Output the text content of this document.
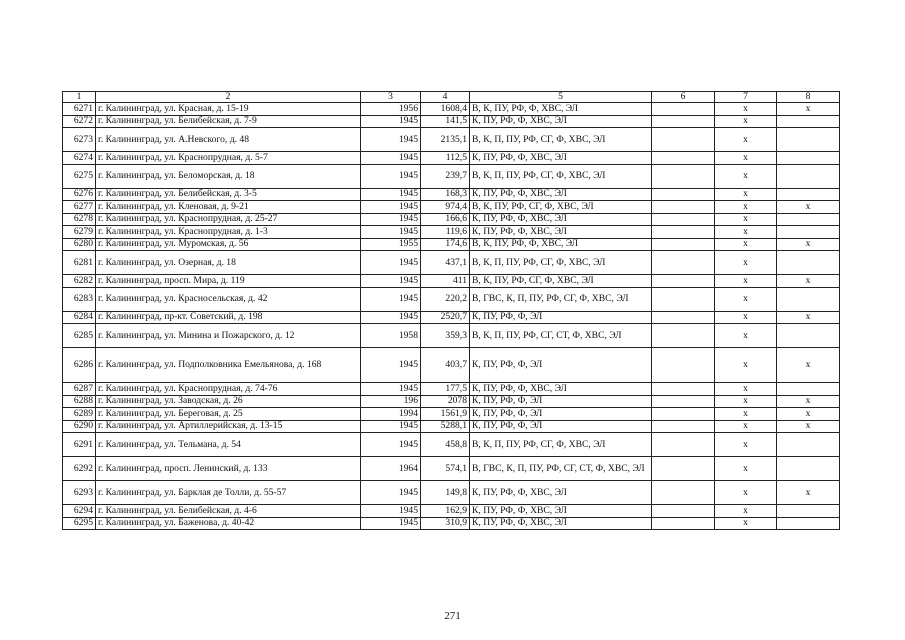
1	2	3	4	5	6	7	8
6271	г. Калининград, ул. Красная, д. 15-19	1956	1608,4	В, К, ПУ, РФ, Ф, ХВС, ЭЛ		х	х
6272	г. Калининград, ул. Белибейская, д. 7-9	1945	141,5	К, ПУ, РФ, Ф, ХВС, ЭЛ		х	
6273	г. Калининград, ул. А.Невского, д. 48	1945	2135,1	В, К, П, ПУ, РФ, СГ, Ф, ХВС, ЭЛ		х	
6274	г. Калининград, ул. Краснопрудная, д. 5-7	1945	112,5	К, ПУ, РФ, Ф, ХВС, ЭЛ		х	
6275	г. Калининград, ул. Беломорская, д. 18	1945	239,7	В, К, П, ПУ, РФ, СГ, Ф, ХВС, ЭЛ		х	
6276	г. Калининград, ул. Белибейская, д. 3-5	1945	168,3	К, ПУ, РФ, Ф, ХВС, ЭЛ		х	
6277	г. Калининград, ул. Кленовая, д. 9-21	1945	974,4	В, К, ПУ, РФ, СГ, Ф, ХВС, ЭЛ		х	х
6278	г. Калининград, ул. Краснопрудная, д. 25-27	1945	166,6	К, ПУ, РФ, Ф, ХВС, ЭЛ		х	
6279	г. Калининград, ул. Краснопрудная, д. 1-3	1945	119,6	К, ПУ, РФ, Ф, ХВС, ЭЛ		х	
6280	г. Калининград, ул. Муромская, д. 56	1955	174,6	В, К, ПУ, РФ, Ф, ХВС, ЭЛ		х	х
6281	г. Калининград, ул. Озерная, д. 18	1945	437,1	В, К, П, ПУ, РФ, СГ, Ф, ХВС, ЭЛ		х	
6282	г. Калининград, просп. Мира, д. 119	1945	411	В, К, ПУ, РФ, СГ, Ф, ХВС, ЭЛ		х	х
6283	г. Калининград, ул. Красносельская, д. 42	1945	220,2	В, ГВС, К, П, ПУ, РФ, СГ, Ф, ХВС, ЭЛ		х	
6284	г. Калининград, пр-кт. Советский, д. 198	1945	2520,7	К, ПУ, РФ, Ф, ЭЛ		х	х
6285	г. Калининград, ул. Минина и Пожарского, д. 12	1958	359,3	В, К, П, ПУ, РФ, СГ, СТ, Ф, ХВС, ЭЛ		х	
6286	г. Калининград, ул. Подполковника Емельянова, д. 168	1945	403,7	К, ПУ, РФ, Ф, ЭЛ		х	х
6287	г. Калининград, ул. Краснопрудная, д. 74-76	1945	177,5	К, ПУ, РФ, Ф, ХВС, ЭЛ		х	
6288	г. Калининград, ул. Заводская, д. 26	196	2078	К, ПУ, РФ, Ф, ЭЛ		х	х
6289	г. Калининград, ул. Береговая, д. 25	1994	1561,9	К, ПУ, РФ, Ф, ЭЛ		х	х
6290	г. Калининград, ул. Артиллерийская, д. 13-15	1945	5288,1	К, ПУ, РФ, Ф, ЭЛ		х	х
6291	г. Калининград, ул. Тельмана, д. 54	1945	458,8	В, К, П, ПУ, РФ, СГ, Ф, ХВС, ЭЛ		х	
6292	г. Калининград, просп. Ленинский, д. 133	1964	574,1	В, ГВС, К, П, ПУ, РФ, СГ, СТ, Ф, ХВС, ЭЛ		х	
6293	г. Калининград, ул. Барклая де Толли, д. 55-57	1945	149,8	К, ПУ, РФ, Ф, ХВС, ЭЛ		х	х
6294	г. Калининград, ул. Белибейская, д. 4-6	1945	162,9	К, ПУ, РФ, Ф, ХВС, ЭЛ		х	
6295	г. Калининград, ул. Баженова, д. 40-42	1945	310,9	К, ПУ, РФ, Ф, ХВС, ЭЛ		х	
271
